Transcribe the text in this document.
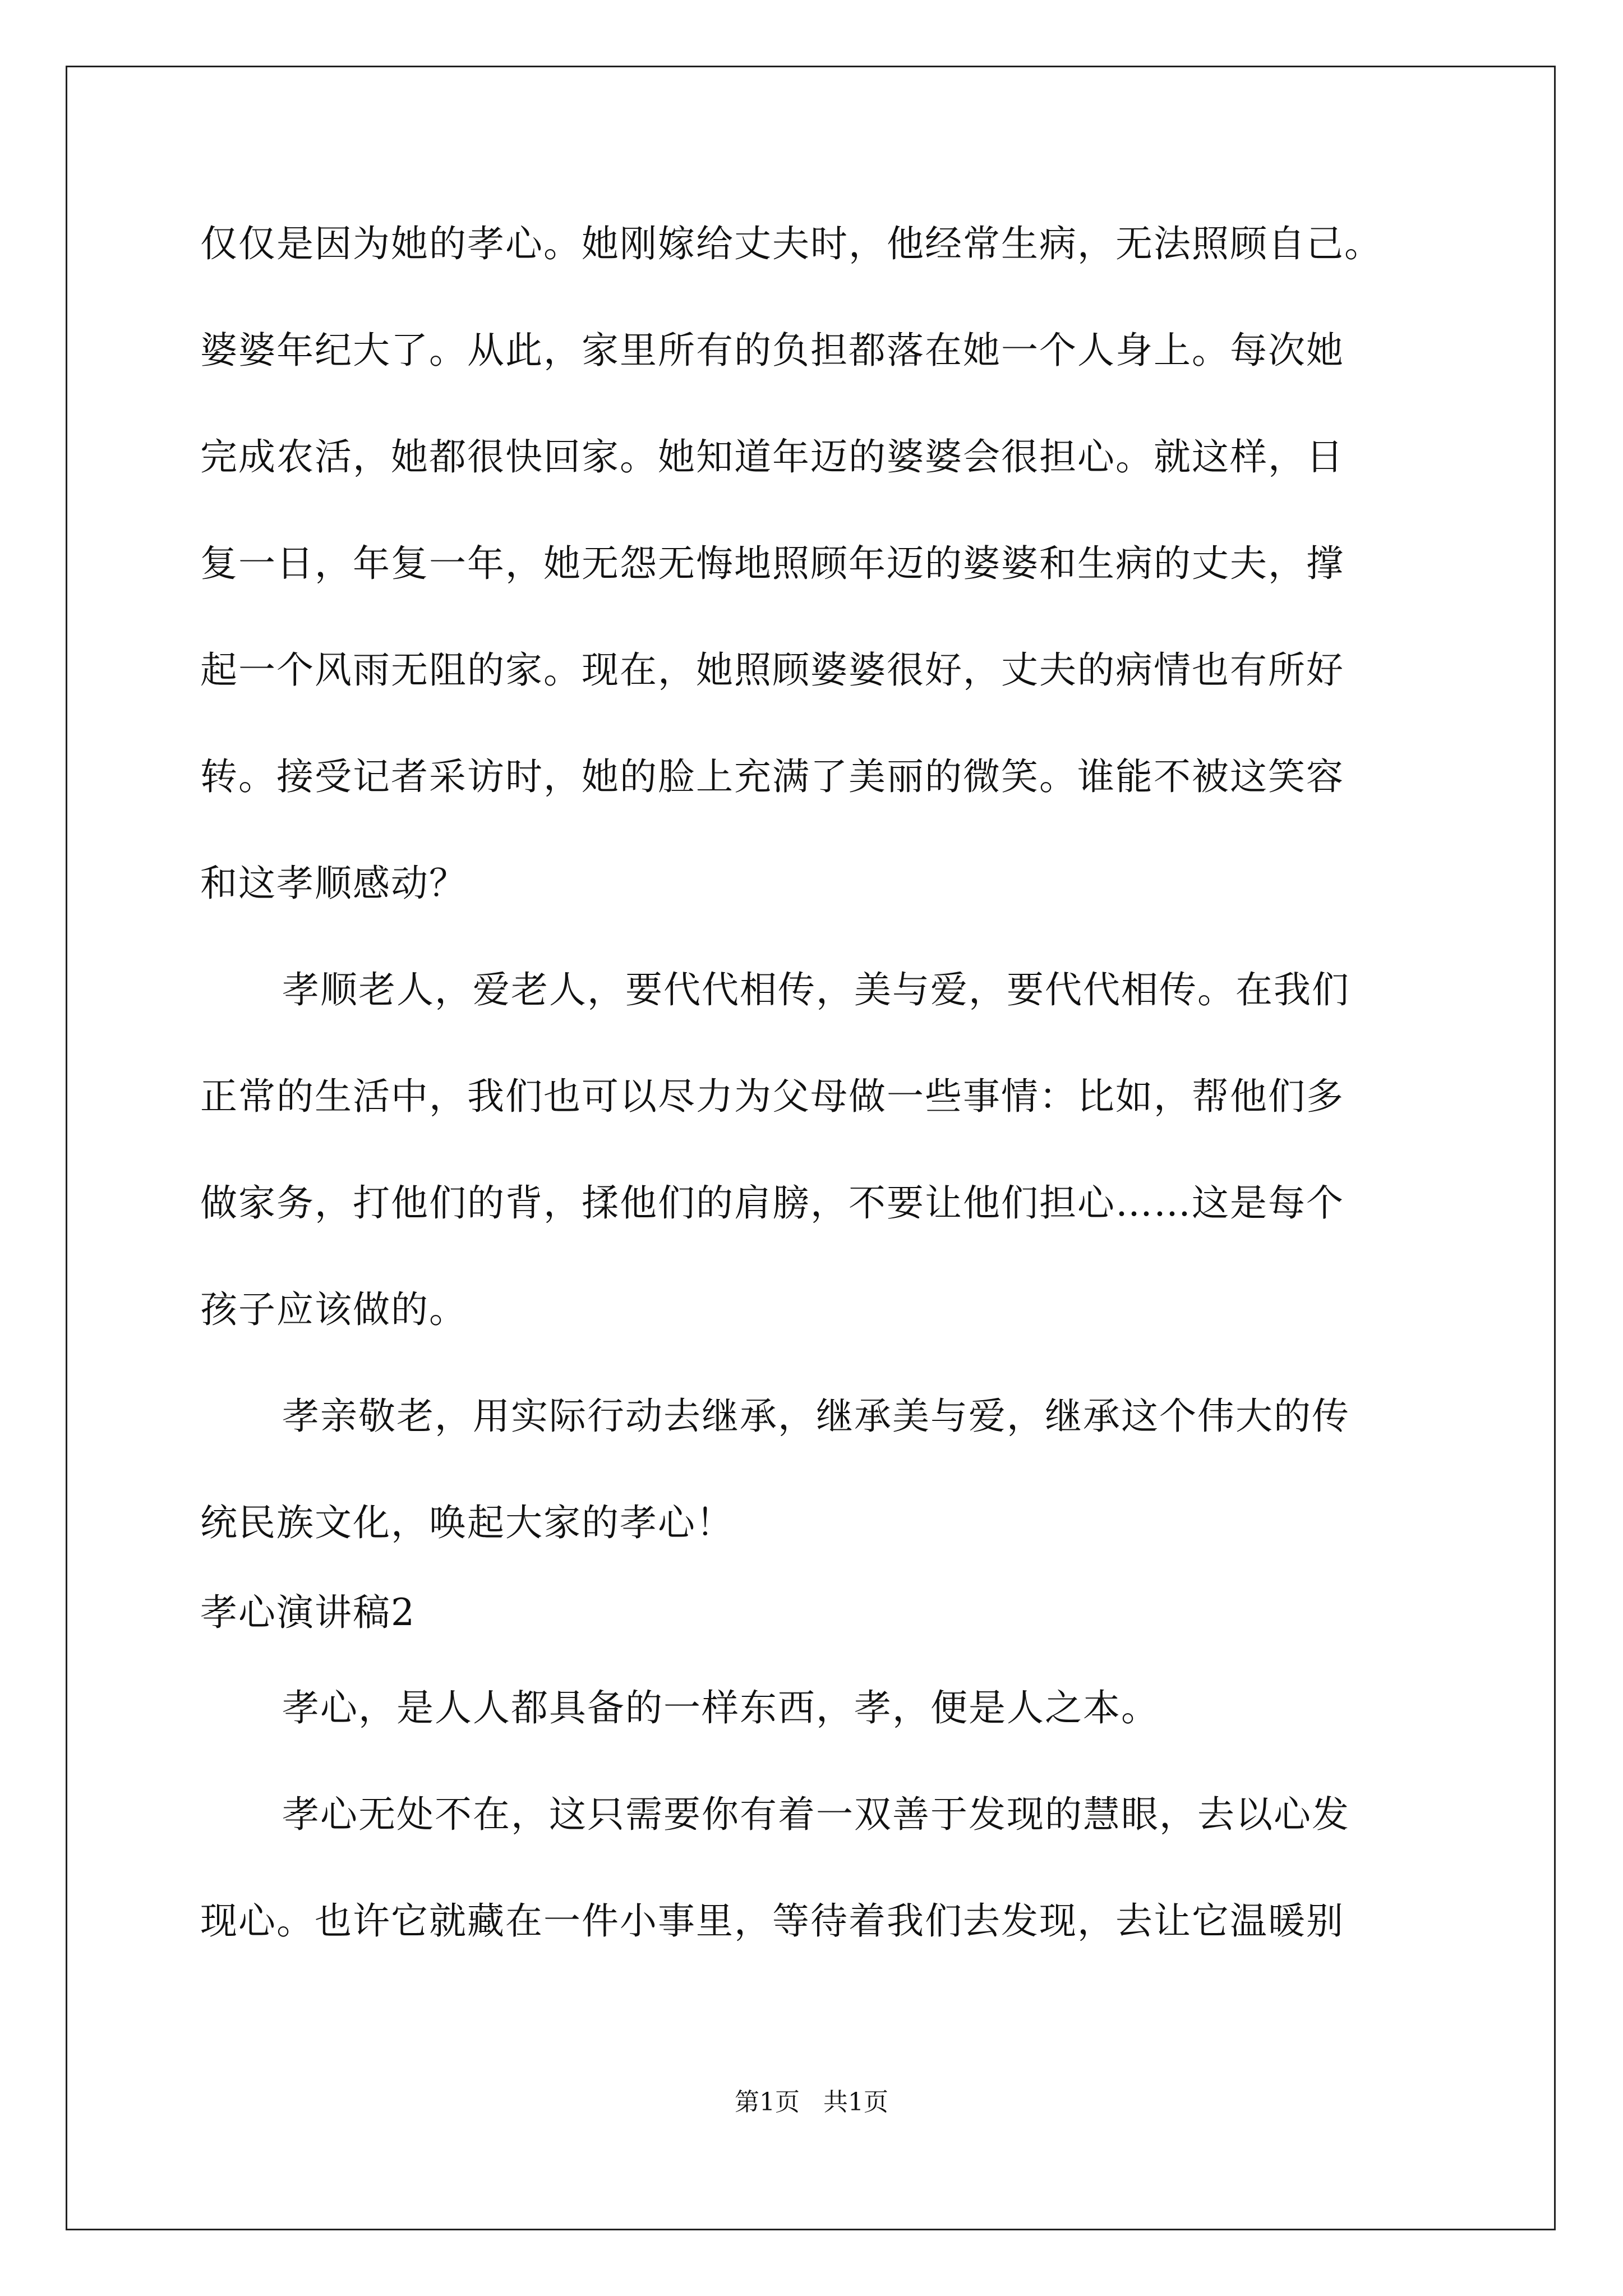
仅仅是因为她的孝心。她刚嫁给丈夫时，他经常生病，无法照顾自己。
婆婆年纪大了。从此，家里所有的负担都落在她一个人身上。每次她
完成农活，她都很快回家。她知道年迈的婆婆会很担心。就这样，日
复一日，年复一年，她无怨无悔地照顾年迈的婆婆和生病的丈夫，撑
起一个风雨无阻的家。现在，她照顾婆婆很好，丈夫的病情也有所好
转。接受记者采访时，她的脸上充满了美丽的微笑。谁能不被这笑容
和这孝顺感动？
孝顺老人，爱老人，要代代相传，美与爱，要代代相传。在我们
正常的生活中，我们也可以尽力为父母做一些事情：比如，帮他们多
做家务，打他们的背，揉他们的肩膀，不要让他们担心……这是每个
孩子应该做的。
孝亲敬老，用实际行动去继承，继承美与爱，继承这个伟大的传
统民族文化，唤起大家的孝心！
孝心演讲稿2
孝心，是人人都具备的一样东西，孝，便是人之本。
孝心无处不在，这只需要你有着一双善于发现的慧眼，去以心发
现心。也许它就藏在一件小事里，等待着我们去发现，去让它温暖别
第1页   共1页
